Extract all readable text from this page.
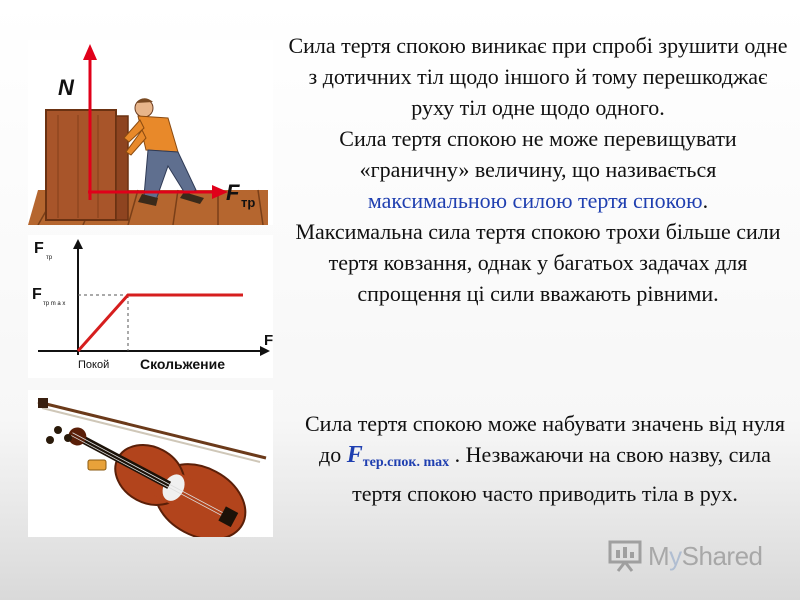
N
F тр
F
тр
F
тр m a x
F
Покой Скольжение
Сила тертя спокою виникає при спробі зрушити одне з дотичних тіл щодо іншого й тому перешкоджає руху тіл одне щодо одного.
Сила тертя спокою не може перевищувати «граничну» величину, що називається максимальною силою тертя спокою.
Максимальна сила тертя спокою трохи більше сили тертя ковзання, однак у багатьох задачах для спрощення ці сили вважають рівними.
Сила тертя спокою може набувати значень від нуля до Fтер.спок. max . Незважаючи на свою назву, сила тертя спокою часто приводить тіла в рух.
MyShared
